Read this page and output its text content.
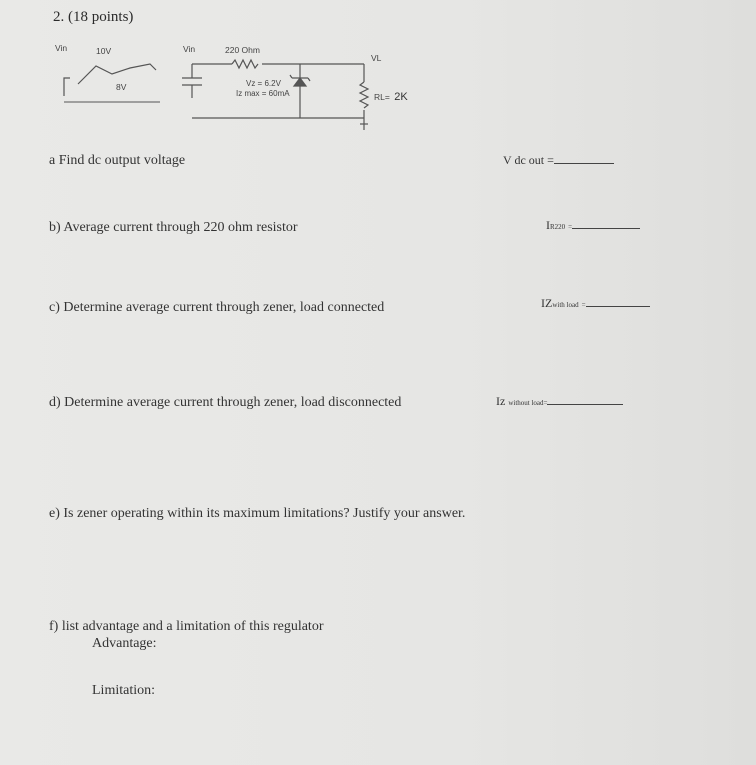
2. (18 points)
Vin	10V
8V
Vin	220 Ohm
VL
Vz = 6.2V
Iz max = 60mA	RL= 2K
a Find dc output voltage	V dc out =
b) Average current through 220 ohm resistor	IR220 =
c) Determine average current through zener, load connected	IZwith load =
d) Determine average current through zener, load disconnected	Iz without load=
e) Is zener operating within its maximum limitations? Justify your answer.
f) list advantage and a limitation of this regulator
Advantage:
Limitation:
